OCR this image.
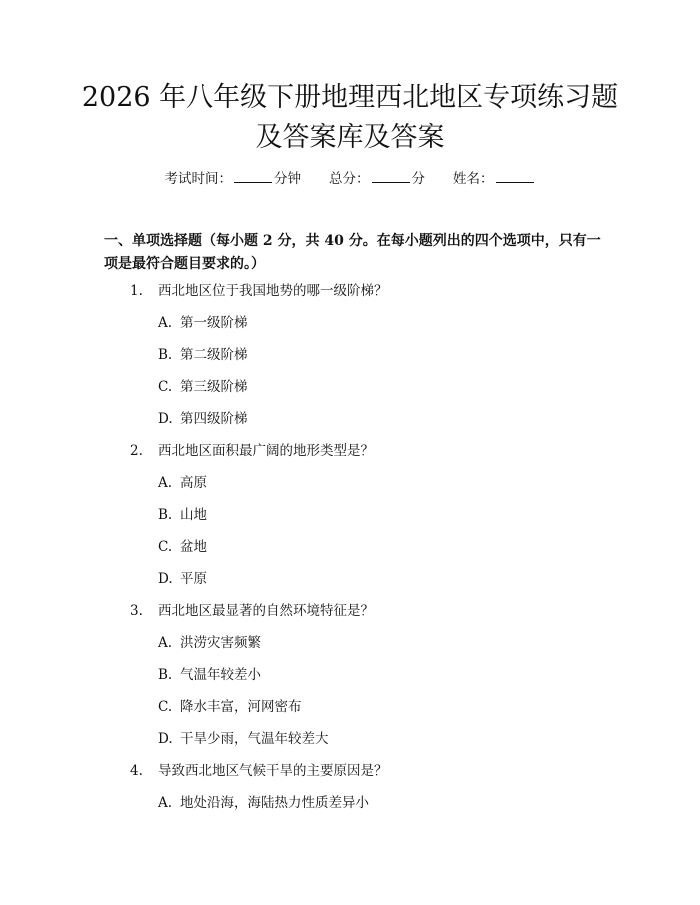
2026 年八年级下册地理西北地区专项练习题
及答案库及答案
考试时间：	分钟 总分：	分 姓名：
一、单项选择题（每小题 2 分，共 40 分。在每小题列出的四个选项中，只有一项是最符合题目要求的。）
1. 西北地区位于我国地势的哪一级阶梯？
A. 第一级阶梯
B. 第二级阶梯
C. 第三级阶梯
D. 第四级阶梯
2. 西北地区面积最广阔的地形类型是？
A. 高原
B. 山地
C. 盆地
D. 平原
3. 西北地区最显著的自然环境特征是？
A. 洪涝灾害频繁
B. 气温年较差小
C. 降水丰富，河网密布
D. 干旱少雨，气温年较差大
4. 导致西北地区气候干旱的主要原因是？
A. 地处沿海，海陆热力性质差异小
